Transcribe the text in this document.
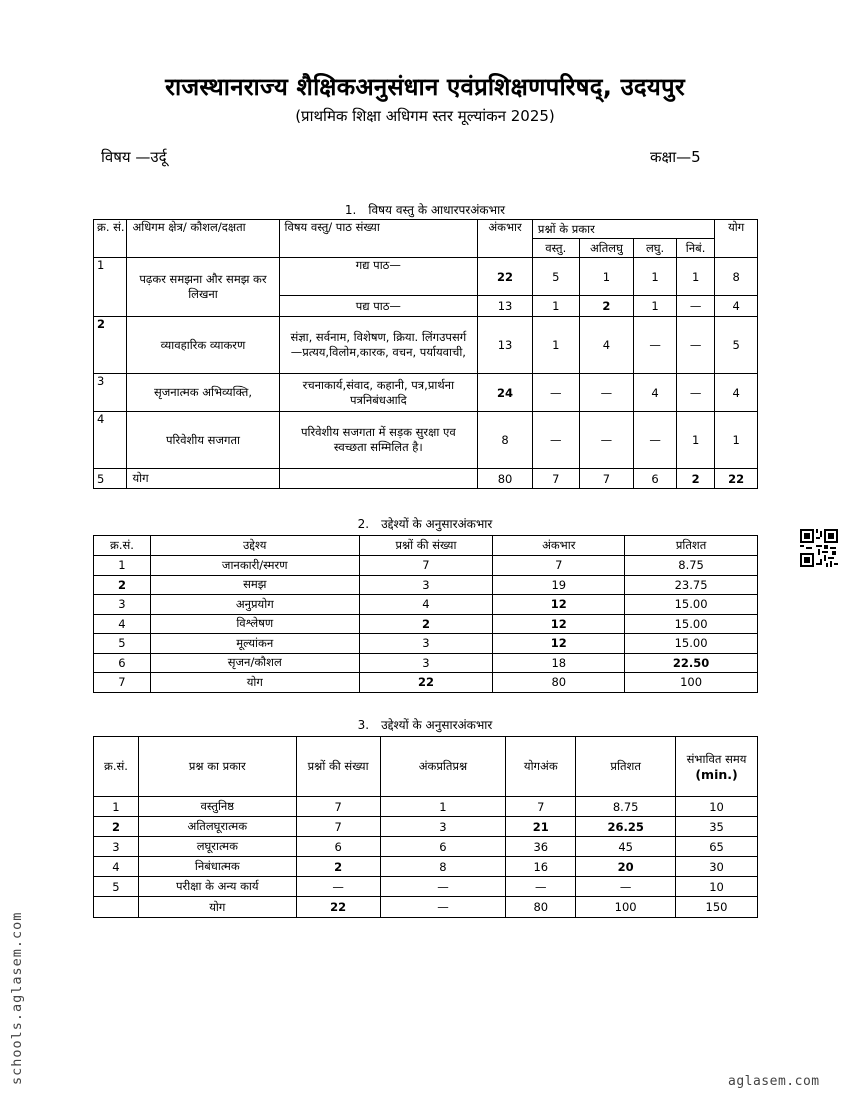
राजस्थानराज्य शैक्षिकअनुसंधान एवंप्रशिक्षणपरिषद्, उदयपुर
(प्राथमिक शिक्षा अधिगम स्तर मूल्यांकन 2025)
विषय —उर्दू	कक्षा—5
1. विषय वस्तु के आधारपरअंकभार
क्र. सं.	अधिगम क्षेत्र/ कौशल/दक्षता	विषय वस्तु/ पाठ संख्या	अंकभार	प्रश्नों के प्रकार				योग
				वस्तु.	अतिलघु	लघु.	निबं.	
1	पढ़कर समझना और समझ कर लिखना	गद्य पाठ—	22	5	1	1	1	8
		पद्य पाठ—	13	1	2	1	—	4
2	व्यावहारिक व्याकरण	संज्ञा, सर्वनाम, विशेषण, क्रिया. लिंगउपसर्ग—प्रत्यय,विलोम,कारक, वचन, पर्यायवाची,	13	1	4	—	—	5
3	सृजनात्मक अभिव्यक्ति,	रचनाकार्य,संवाद, कहानी, पत्र,प्रार्थना पत्रनिबंधआदि	24	—	—	4	—	4
4	परिवेशीय सजगता	परिवेशीय सजगता में सड़क सुरक्षा एव स्वच्छता सम्मिलित है।	8	—	—	—	1	1
5	योग		80	7	7	6	2	22
2. उद्देश्यों के अनुसारअंकभार
क्र.सं.	उद्देश्य	प्रश्नों की संख्या	अंकभार	प्रतिशत
1	जानकारी/स्मरण	7	7	8.75
2	समझ	3	19	23.75
3	अनुप्रयोग	4	12	15.00
4	विश्लेषण	2	12	15.00
5	मूल्यांकन	3	12	15.00
6	सृजन/कौशल	3	18	22.50
7	योग	22	80	100
3. उद्देश्यों के अनुसारअंकभार
क्र.सं.	प्रश्न का प्रकार	प्रश्नों की संख्या	अंकप्रतिप्रश्न	योगअंक	प्रतिशत	संभावित समय
(min.)
1	वस्तुनिष्ठ	7	1	7	8.75	10
2	अतिलघूरात्मक	7	3	21	26.25	35
3	लघूरात्मक	6	6	36	45	65
4	निबंधात्मक	2	8	16	20	30
5	परीक्षा के अन्य कार्य	—	—	—	—	10
	योग	22	—	80	100	150
schools.aglasem.com	aglasem.com
